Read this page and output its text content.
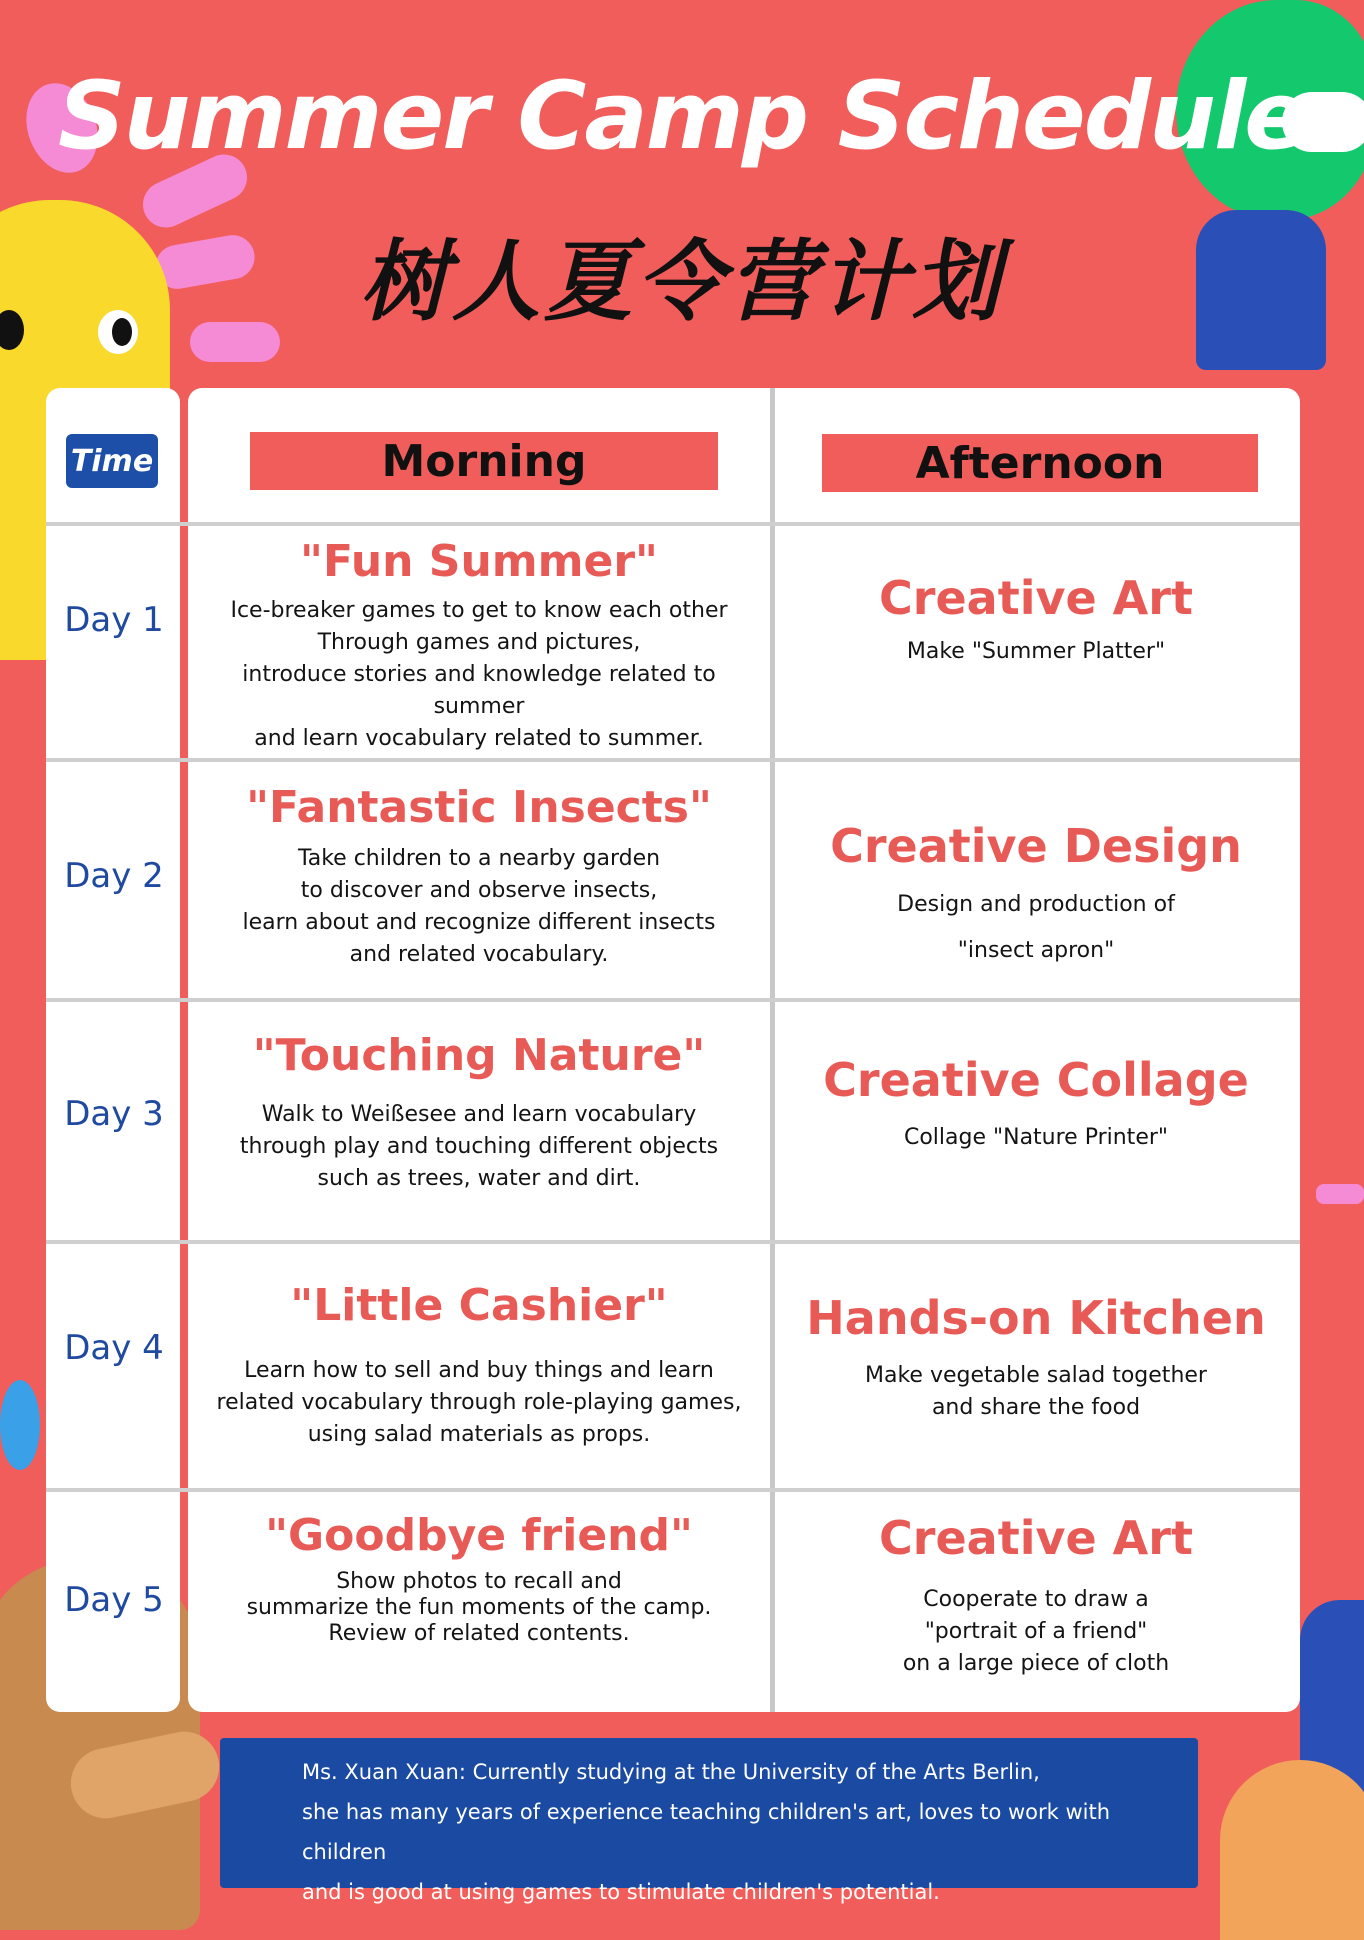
Summer Camp Schedule
树人夏令营计划
Time	Morning	Afternoon
Day 1
"Fun Summer"
Ice-breaker games to get to know each other
Through games and pictures,
introduce stories and knowledge related to summer
and learn vocabulary related to summer.
Creative Art
Make "Summer Platter"
Day 2
"Fantastic Insects"
Take children to a nearby garden
to discover and observe insects,
learn about and recognize different insects
and related vocabulary.
Creative Design
Design and production of
"insect apron"
Day 3
"Touching Nature"
Walk to Weißesee and learn vocabulary
through play and touching different objects
such as trees, water and dirt.
Creative Collage
Collage "Nature Printer"
Day 4
"Little Cashier"
Learn how to sell and buy things and learn
related vocabulary through role-playing games,
using salad materials as props.
Hands-on Kitchen
Make vegetable salad together
and share the food
Day 5
"Goodbye friend"
Show photos to recall and
summarize the fun moments of the camp.
Review of related contents.
Creative Art
Cooperate to draw a
"portrait of a friend"
on a large piece of cloth
Ms. Xuan Xuan: Currently studying at the University of the Arts Berlin,
she has many years of experience teaching children's art, loves to work with children
and is good at using games to stimulate children's potential.
